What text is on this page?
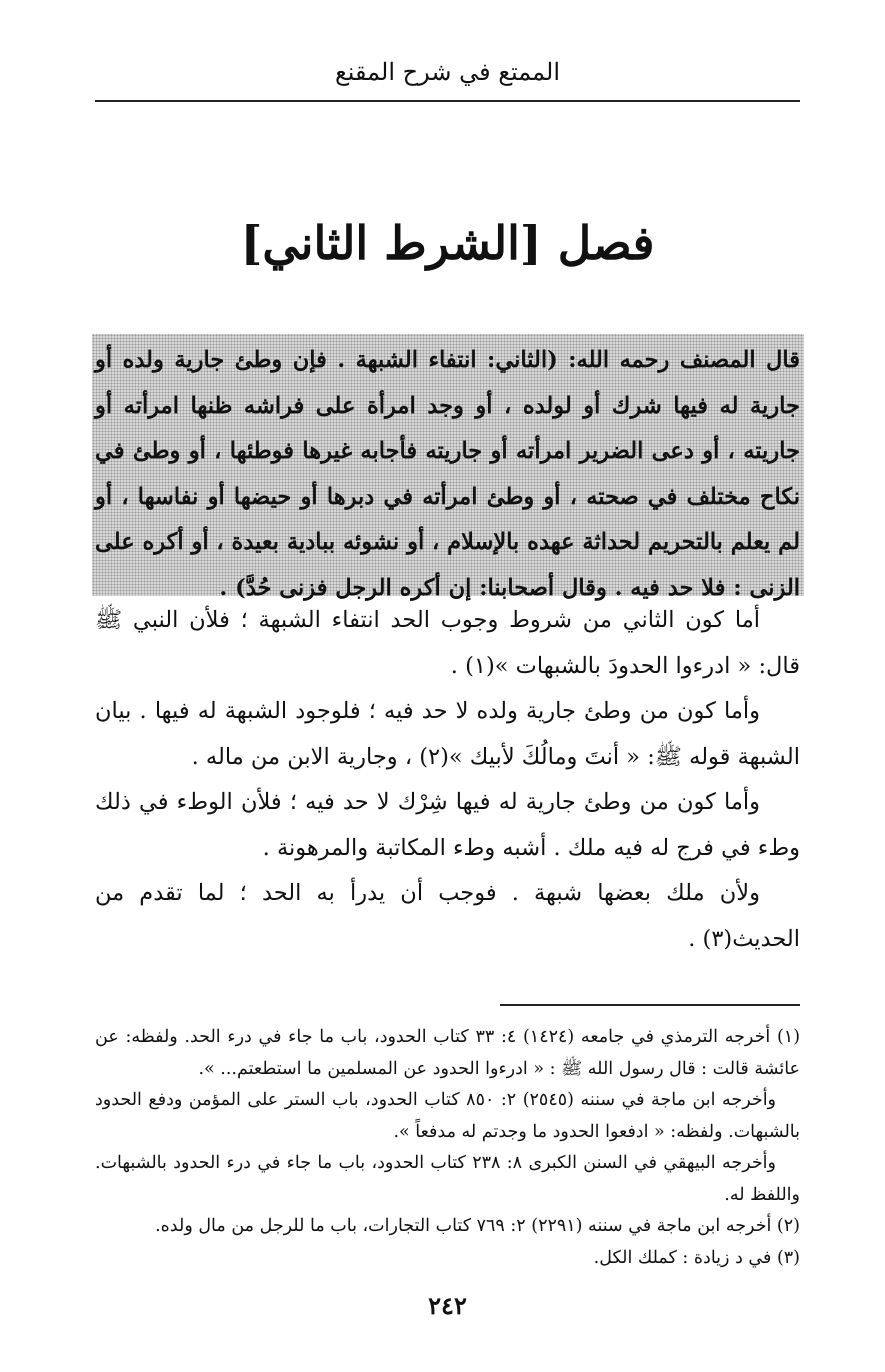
الممتع في شرح المقنع
فصل [الشرط الثاني]
قال المصنف رحمه الله: (الثاني: انتفاء الشبهة . فإن وطئ جارية ولده أو جارية له فيها شرك أو لولده ، أو وجد امرأة على فراشه ظنها امرأته أو جاريته ، أو دعى الضرير امرأته أو جاريته فأجابه غيرها فوطئها ، أو وطئ في نكاح مختلف في صحته ، أو وطئ امرأته في دبرها أو حيضها أو نفاسها ، أو لم يعلم بالتحريم لحداثة عهده بالإسلام ، أو نشوئه ببادية بعيدة ، أو أكره على الزنى : فلا حد فيه . وقال أصحابنا: إن أكره الرجل فزنى حُدَّ) .
أما كون الثاني من شروط وجوب الحد انتفاء الشبهة ؛ فلأن النبي ﷺ قال: « ادرءوا الحدودَ بالشبهات »(١) .
وأما كون من وطئ جارية ولده لا حد فيه ؛ فلوجود الشبهة له فيها . بيان الشبهة قوله ﷺ: « أنتَ ومالُكَ لأبيك »(٢) ، وجارية الابن من ماله .
وأما كون من وطئ جارية له فيها شِرْك لا حد فيه ؛ فلأن الوطء في ذلك وطء في فرج له فيه ملك . أشبه وطء المكاتبة والمرهونة .
ولأن ملك بعضها شبهة . فوجب أن يدرأ به الحد ؛ لما تقدم من الحديث(٣) .
(١) أخرجه الترمذي في جامعه (١٤٢٤) ٤: ٣٣ كتاب الحدود، باب ما جاء في درء الحد. ولفظه: عن عائشة قالت : قال رسول الله ﷺ : « ادرءوا الحدود عن المسلمين ما استطعتم... ».
وأخرجه ابن ماجة في سننه (٢٥٤٥) ٢: ٨٥٠ كتاب الحدود، باب الستر على المؤمن ودفع الحدود بالشبهات. ولفظه: « ادفعوا الحدود ما وجدتم له مدفعاً ».
وأخرجه البيهقي في السنن الكبرى ٨: ٢٣٨ كتاب الحدود، باب ما جاء في درء الحدود بالشبهات. واللفظ له.
(٢) أخرجه ابن ماجة في سننه (٢٢٩١) ٢: ٧٦٩ كتاب التجارات، باب ما للرجل من مال ولده.
(٣) في د زيادة : كملك الكل.
٢٤٢
